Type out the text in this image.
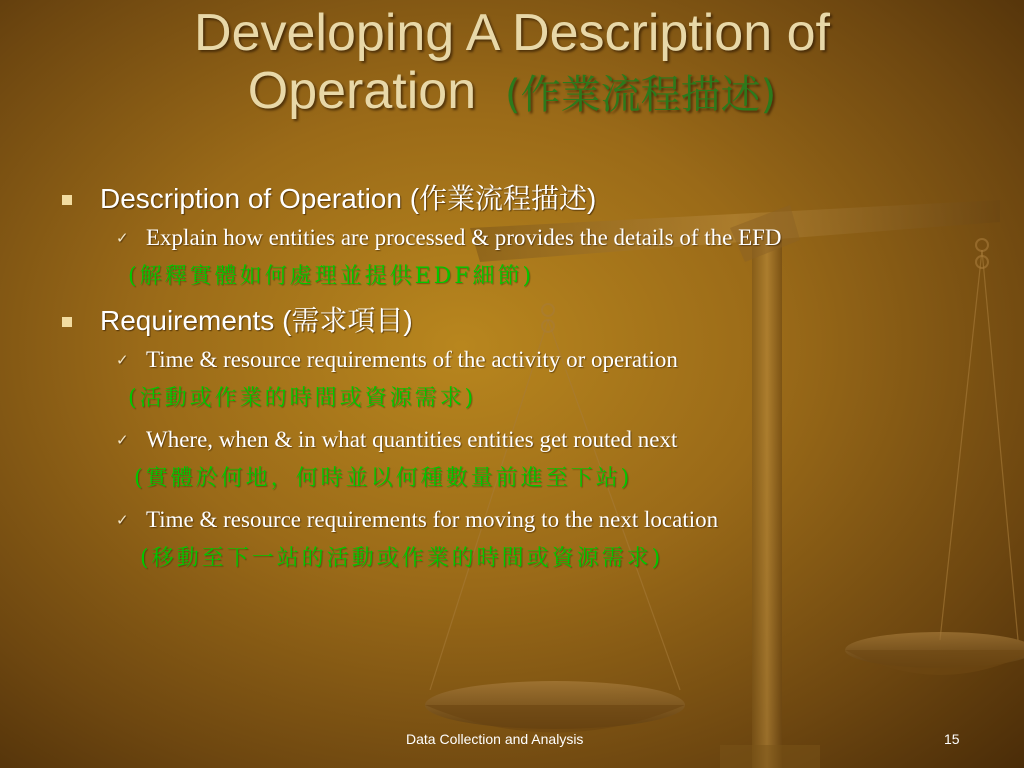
Developing A Description of
Operation (作業流程描述)
Description of Operation (作業流程描述)
✓ Explain how entities are processed & provides the details of the EFD
(解釋實體如何處理並提供EDF細節)
Requirements (需求項目)
✓ Time & resource requirements of the activity or operation
(活動或作業的時間或資源需求)
✓ Where, when & in what quantities entities get routed next
(實體於何地，何時並以何種數量前進至下站)
✓ Time & resource requirements for moving to the next location
(移動至下一站的活動或作業的時間或資源需求)
Data Collection and Analysis	15
